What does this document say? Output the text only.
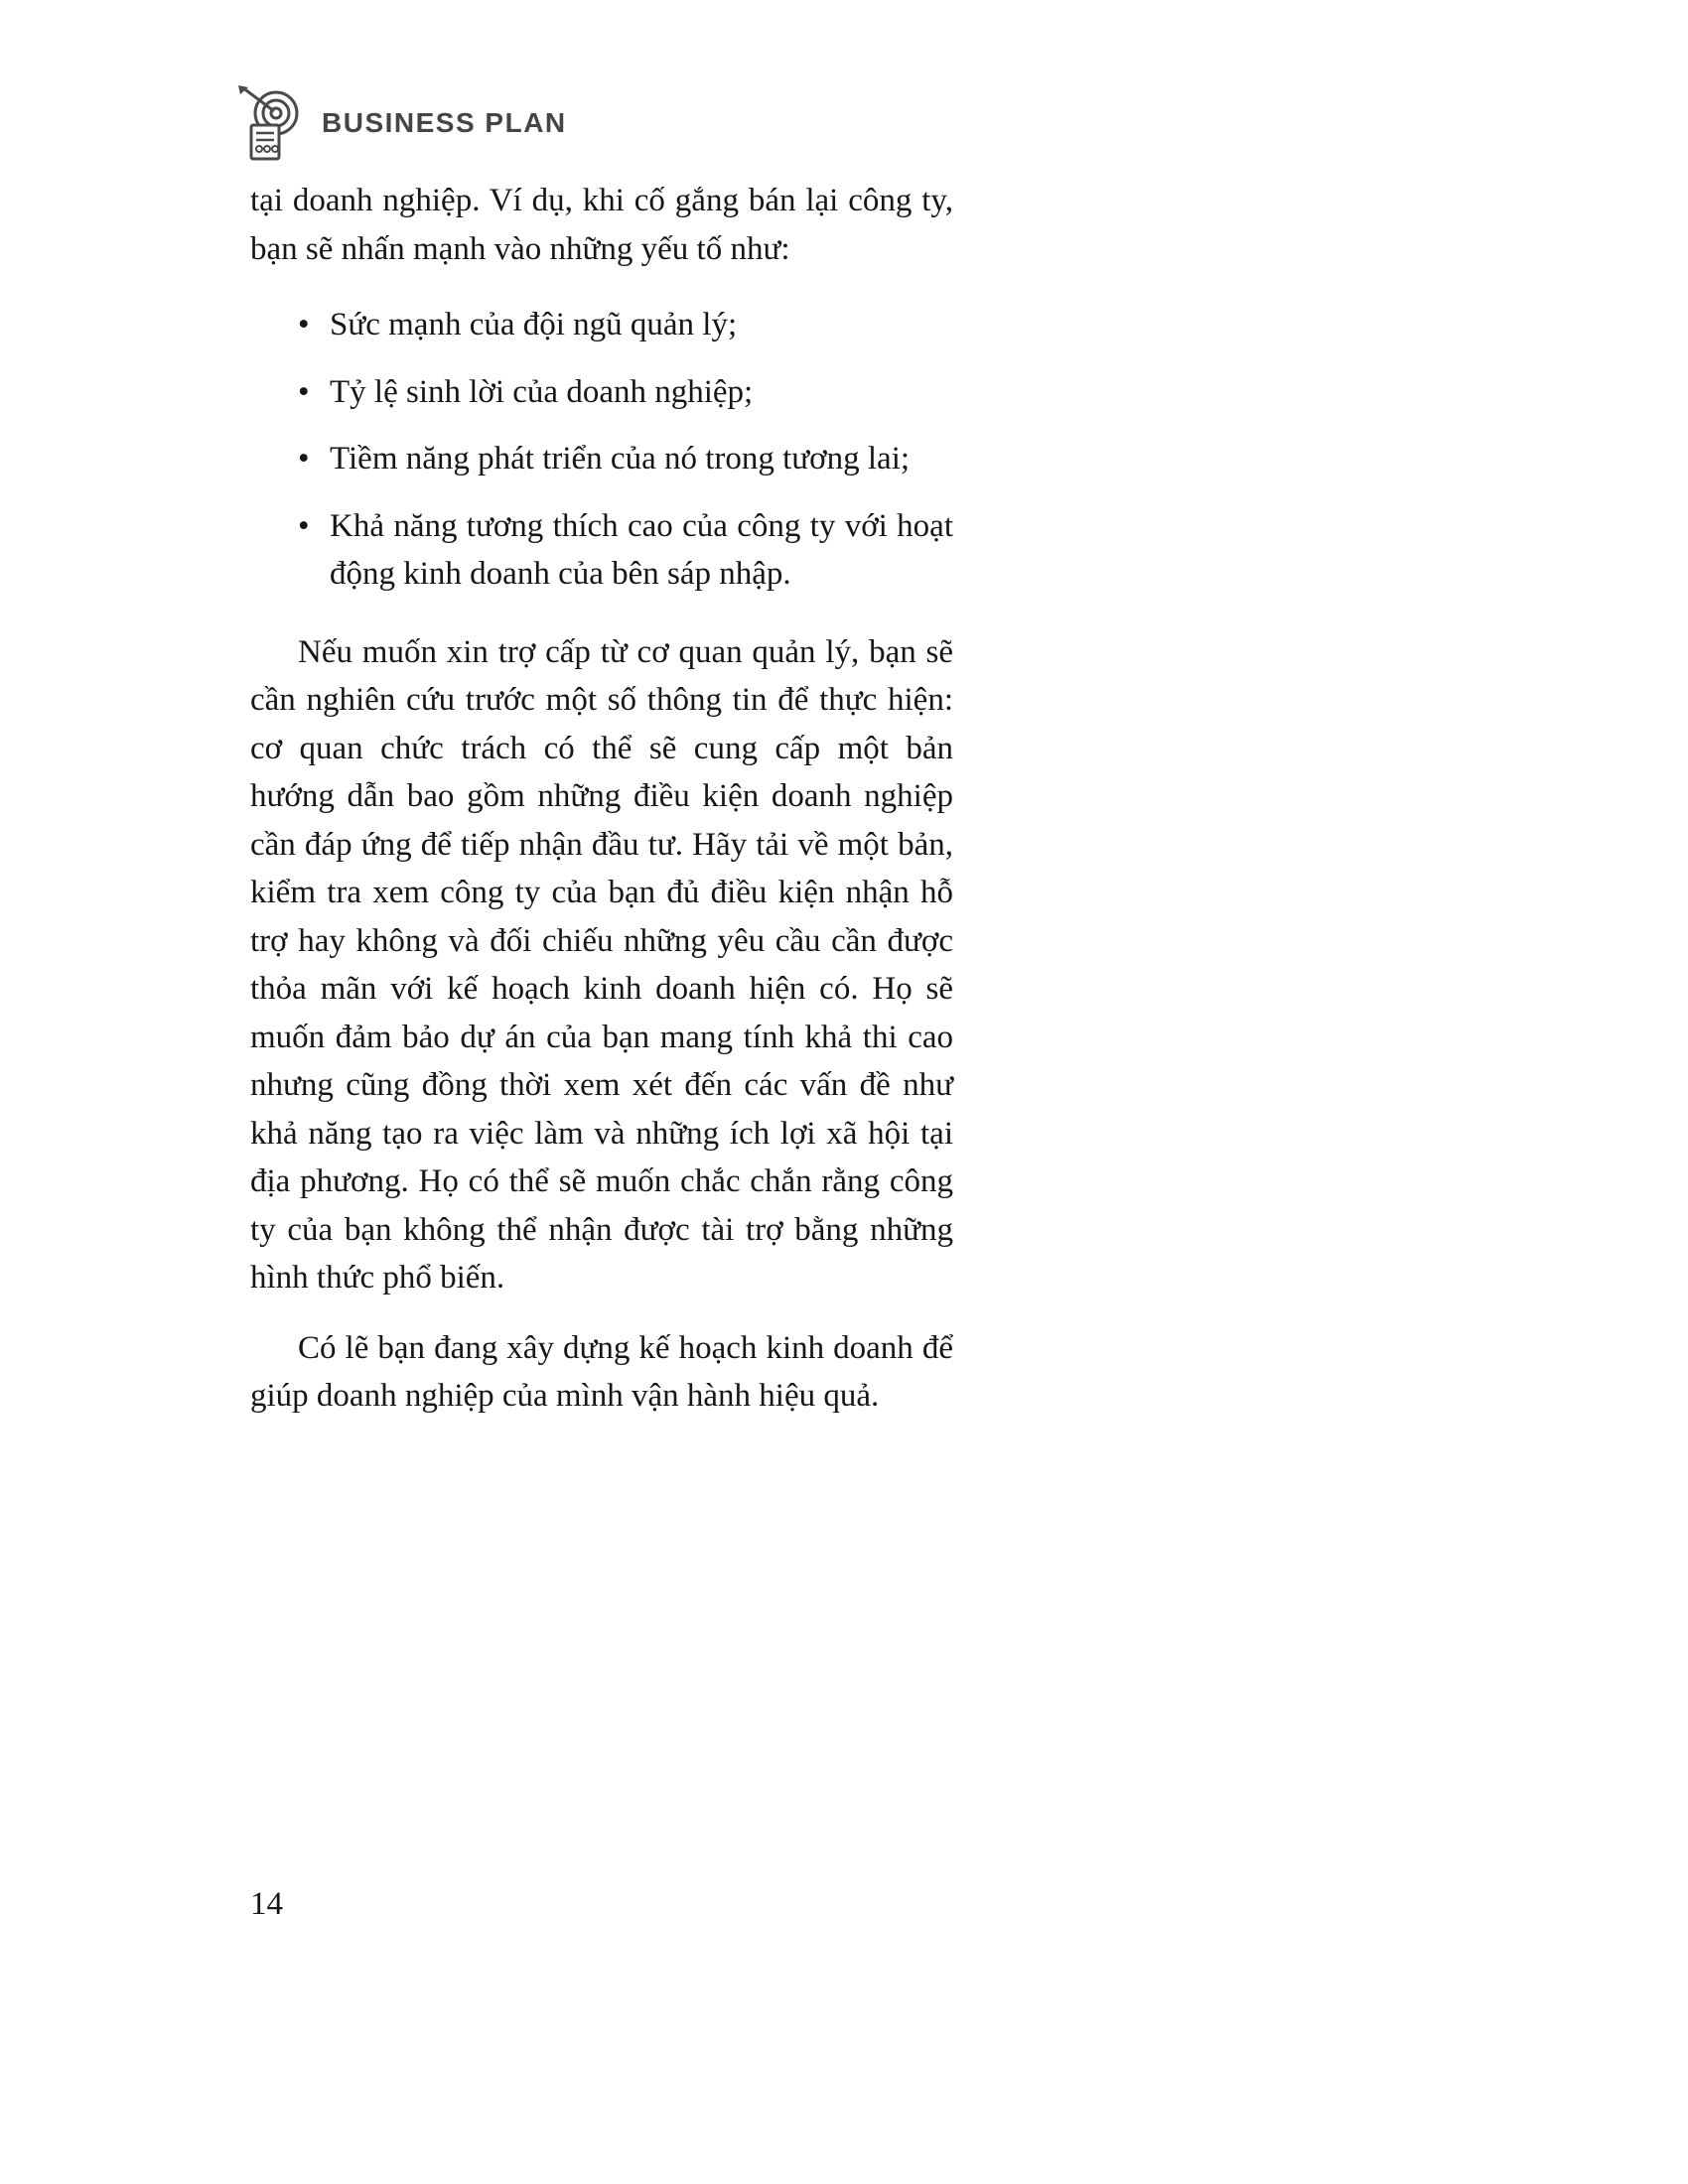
BUSINESS PLAN

tại doanh nghiệp. Ví dụ, khi cố gắng bán lại công ty, bạn sẽ nhấn mạnh vào những yếu tố như:

• Sức mạnh của đội ngũ quản lý;
• Tỷ lệ sinh lời của doanh nghiệp;
• Tiềm năng phát triển của nó trong tương lai;
• Khả năng tương thích cao của công ty với hoạt động kinh doanh của bên sáp nhập.

Nếu muốn xin trợ cấp từ cơ quan quản lý, bạn sẽ cần nghiên cứu trước một số thông tin để thực hiện: cơ quan chức trách có thể sẽ cung cấp một bản hướng dẫn bao gồm những điều kiện doanh nghiệp cần đáp ứng để tiếp nhận đầu tư. Hãy tải về một bản, kiểm tra xem công ty của bạn đủ điều kiện nhận hỗ trợ hay không và đối chiếu những yêu cầu cần được thỏa mãn với kế hoạch kinh doanh hiện có. Họ sẽ muốn đảm bảo dự án của bạn mang tính khả thi cao nhưng cũng đồng thời xem xét đến các vấn đề như khả năng tạo ra việc làm và những ích lợi xã hội tại địa phương. Họ có thể sẽ muốn chắc chắn rằng công ty của bạn không thể nhận được tài trợ bằng những hình thức phổ biến.

Có lẽ bạn đang xây dựng kế hoạch kinh doanh để giúp doanh nghiệp của mình vận hành hiệu quả.

14
